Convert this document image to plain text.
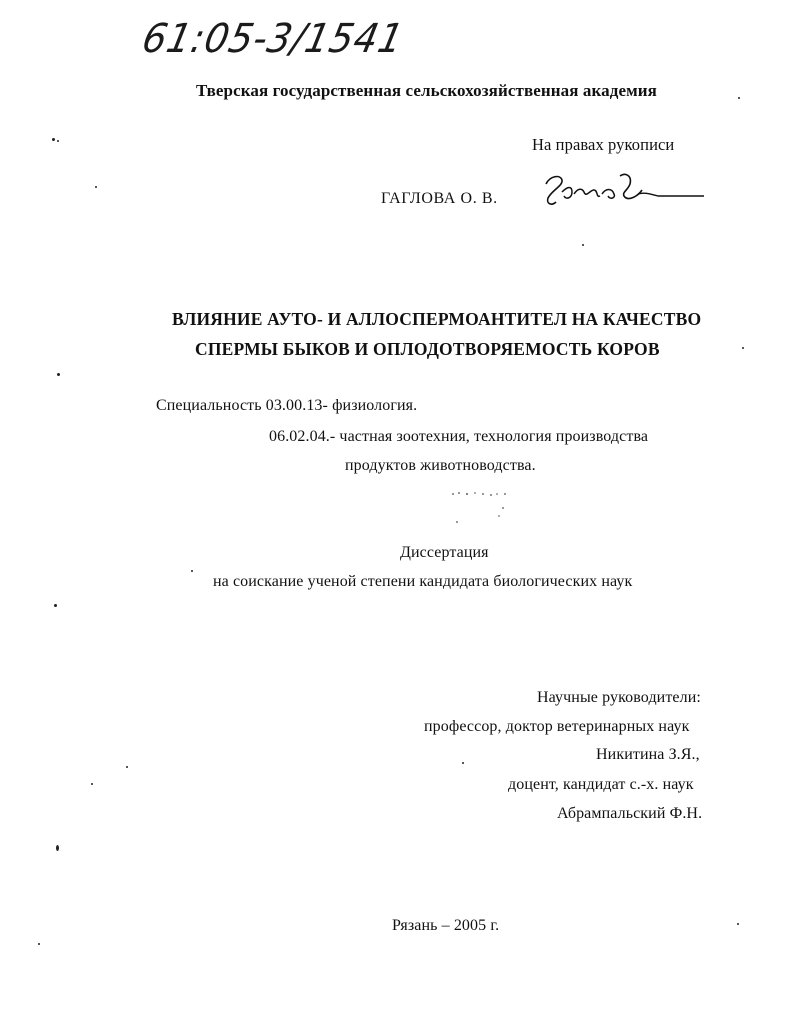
61:05-3/1541
Тверская государственная сельскохозяйственная академия
На правах рукописи
ГАГЛОВА О. В.
ВЛИЯНИЕ АУТО- И АЛЛОСПЕРМОАНТИТЕЛ НА КАЧЕСТВО
СПЕРМЫ БЫКОВ И ОПЛОДОТВОРЯЕМОСТЬ КОРОВ
Специальность 03.00.13- физиология.
06.02.04.- частная зоотехния, технология производства
продуктов животноводства.
Диссертация
на соискание ученой степени кандидата биологических наук
Научные руководители:
профессор, доктор ветеринарных наук
Никитина З.Я.,
доцент, кандидат с.-х. наук
Абрампальский Ф.Н.
Рязань – 2005 г.
